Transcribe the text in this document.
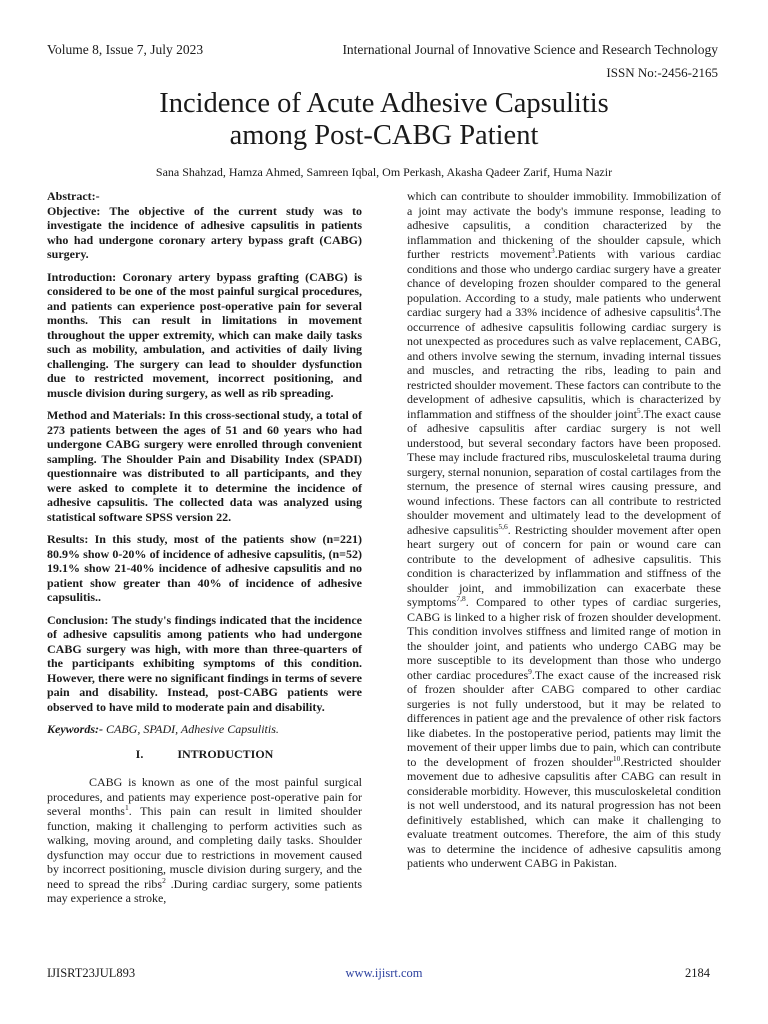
Volume 8, Issue 7, July 2023	International Journal of Innovative Science and Research Technology
ISSN No:-2456-2165
Incidence of Acute Adhesive Capsulitis
among Post-CABG Patient
Sana Shahzad, Hamza Ahmed, Samreen Iqbal, Om Perkash, Akasha Qadeer Zarif, Huma Nazir
Abstract:-

Objective: The objective of the current study was to investigate the incidence of adhesive capsulitis in patients who had undergone coronary artery bypass graft (CABG) surgery.

Introduction: Coronary artery bypass grafting (CABG) is considered to be one of the most painful surgical procedures, and patients can experience post-operative pain for several months. This can result in limitations in movement throughout the upper extremity, which can make daily tasks such as mobility, ambulation, and activities of daily living challenging. The surgery can lead to shoulder dysfunction due to restricted movement, incorrect positioning, and muscle division during surgery, as well as rib spreading.

Method and Materials: In this cross-sectional study, a total of 273 patients between the ages of 51 and 60 years who had undergone CABG surgery were enrolled through convenient sampling. The Shoulder Pain and Disability Index (SPADI) questionnaire was distributed to all participants, and they were asked to complete it to determine the incidence of adhesive capsulitis. The collected data was analyzed using statistical software SPSS version 22.

Results: In this study, most of the patients show (n=221) 80.9% show 0-20% of incidence of adhesive capsulitis, (n=52) 19.1% show 21-40% incidence of adhesive capsulitis and no patient show greater than 40% of incidence of adhesive capsulitis..

Conclusion: The study's findings indicated that the incidence of adhesive capsulitis among patients who had undergone CABG surgery was high, with more than three-quarters of the participants exhibiting symptoms of this condition. However, there were no significant findings in terms of severe pain and disability. Instead, post-CABG patients were observed to have mild to moderate pain and disability.

Keywords:- CABG, SPADI, Adhesive Capsulitis.

I.	INTRODUCTION

CABG is known as one of the most painful surgical procedures, and patients may experience post-operative pain for several months$^1$. This pain can result in limited shoulder function, making it challenging to perform activities such as walking, moving around, and completing daily tasks. Shoulder dysfunction may occur due to restrictions in movement caused by incorrect positioning, muscle division during surgery, and the need to spread the ribs$^2$ .During cardiac surgery, some patients may experience a stroke,

which can contribute to shoulder immobility. Immobilization of a joint may activate the body's immune response, leading to adhesive capsulitis, a condition characterized by the inflammation and thickening of the shoulder capsule, which further restricts movement$^3$.Patients with various cardiac conditions and those who undergo cardiac surgery have a greater chance of developing frozen shoulder compared to the general population. According to a study, male patients who underwent cardiac surgery had a 33% incidence of adhesive capsulitis$^4$.The occurrence of adhesive capsulitis following cardiac surgery is not unexpected as procedures such as valve replacement, CABG, and others involve sewing the sternum, invading internal tissues and muscles, and retracting the ribs, leading to pain and restricted shoulder movement. These factors can contribute to the development of adhesive capsulitis, which is characterized by inflammation and stiffness of the shoulder joint$^5$.The exact cause of adhesive capsulitis after cardiac surgery is not well understood, but several secondary factors have been proposed. These may include fractured ribs, musculoskeletal trauma during surgery, sternal nonunion, separation of costal cartilages from the sternum, the presence of sternal wires causing pressure, and wound infections. These factors can all contribute to restricted shoulder movement and ultimately lead to the development of adhesive capsulitis$^{5,6}$. Restricting shoulder movement after open heart surgery out of concern for pain or wound care can contribute to the development of adhesive capsulitis. This condition is characterized by inflammation and stiffness of the shoulder joint, and immobilization can exacerbate these symptoms$^{7,8}$. Compared to other types of cardiac surgeries, CABG is linked to a higher risk of frozen shoulder development. This condition involves stiffness and limited range of motion in the shoulder joint, and patients who undergo CABG may be more susceptible to its development than those who undergo other cardiac procedures$^9$.The exact cause of the increased risk of frozen shoulder after CABG compared to other cardiac surgeries is not fully understood, but it may be related to differences in patient age and the prevalence of other risk factors like diabetes. In the postoperative period, patients may limit the movement of their upper limbs due to pain, which can contribute to the development of frozen shoulder$^{10}$.Restricted shoulder movement due to adhesive capsulitis after CABG can result in considerable morbidity. However, this musculoskeletal condition is not well understood, and its natural progression has not been definitively established, which can make it challenging to evaluate treatment outcomes. Therefore, the aim of this study was to determine the incidence of adhesive capsulitis among patients who underwent CABG in Pakistan.

IJISRT23JUL893	www.ijisrt.com	2184
